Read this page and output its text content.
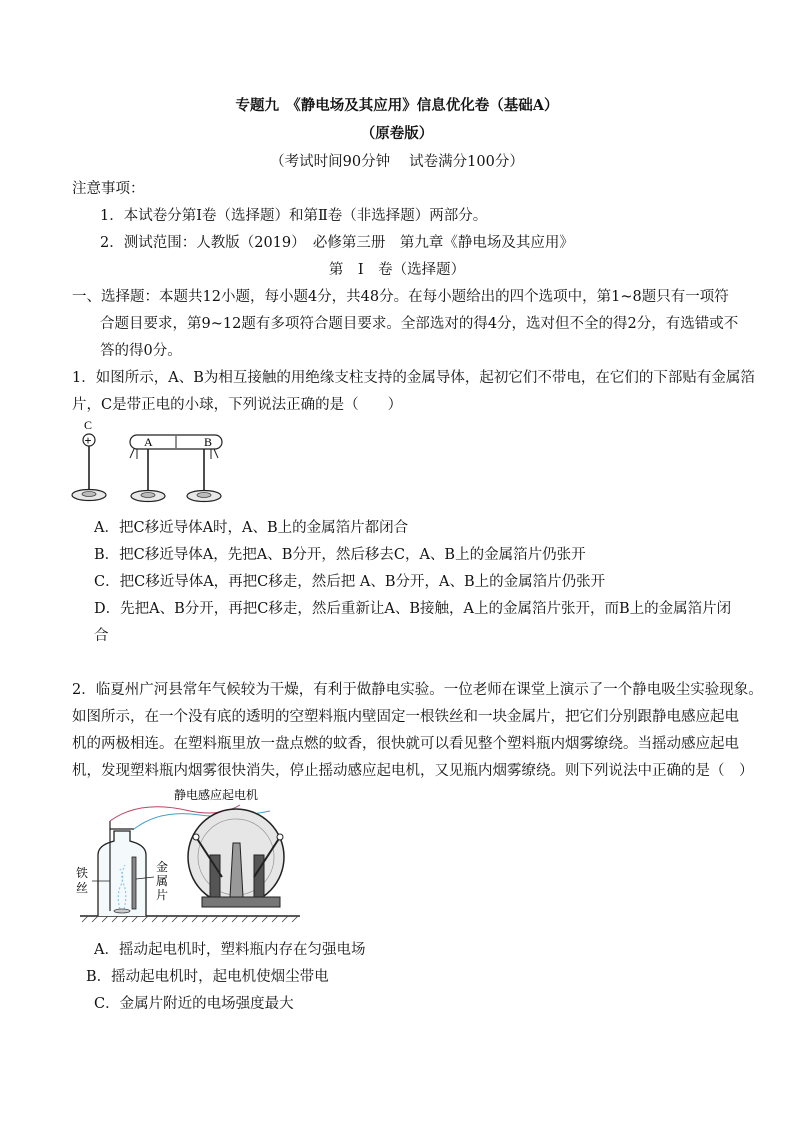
专题九　《静电场及其应用》信息优化卷（基础A）
（原卷版）
（考试时间90分钟　 试卷满分100分）
注意事项：
1．本试卷分第Ⅰ卷（选择题）和第Ⅱ卷（非选择题）两部分。
2．测试范围：人教版（2019）　必修第三册　第九章《静电场及其应用》
第　Ⅰ　卷（选择题）
一、选择题：本题共12小题，每小题4分，共48分。在每小题给出的四个选项中，第1~8题只有一项符
合题目要求，第9~12题有多项符合题目要求。全部选对的得4分，选对但不全的得2分，有选错或不
答的得0分。
1．如图所示，A、B为相互接触的用绝缘支柱支持的金属导体，起初它们不带电，在它们的下部贴有金属箔
片，C是带正电的小球，下列说法正确的是（　　）
C
+	A	B
A．把C移近导体A时，A、B上的金属箔片都闭合
B．把C移近导体A，先把A、B分开，然后移去C，A、B上的金属箔片仍张开
C．把C移近导体A，再把C移走，然后把 A、B分开，A、B上的金属箔片仍张开
D．先把A、B分开，再把C移走，然后重新让A、B接触，A上的金属箔片张开，而B上的金属箔片闭
合
2．临夏州广河县常年气候较为干燥，有利于做静电实验。一位老师在课堂上演示了一个静电吸尘实验现象。
如图所示，在一个没有底的透明的空塑料瓶内壁固定一根铁丝和一块金属片，把它们分别跟静电感应起电
机的两极相连。在塑料瓶里放一盘点燃的蚊香，很快就可以看见整个塑料瓶内烟雾缭绕。当摇动感应起电
机，发现塑料瓶内烟雾很快消失，停止摇动感应起电机，又见瓶内烟雾缭绕。则下列说法中正确的是（　）
静电感应起电机
铁
丝
金
属
片
A．摇动起电机时，塑料瓶内存在匀强电场
B．摇动起电机时，起电机使烟尘带电
C．金属片附近的电场强度最大
